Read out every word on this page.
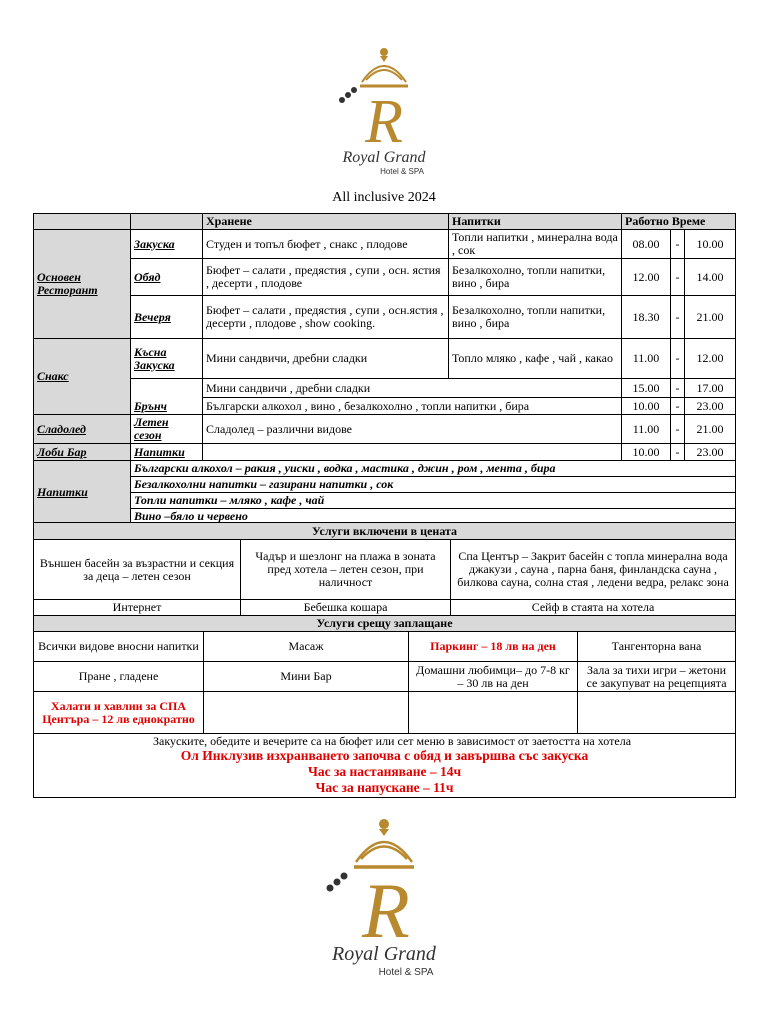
R
Royal Grand
Hotel & SPA
All inclusive 2024
		Хранене	Напитки	Работно Време		
Основен Ресторант	Закуска	Студен и топъл бюфет , снакс , плодове	Топли напитки , минерална вода , сок	08.00	-	10.00
	Обяд	Бюфет – салати , предястия , супи , осн. ястия , десерти , плодове	Безалкохолно, топли напитки, вино , бира	12.00	-	14.00
	Вечеря	Бюфет – салати , предястия , супи , осн.ястия , десерти , плодове , show cooking.	Безалкохолно, топли напитки, вино , бира	18.30	-	21.00
Снакс	Късна Закуска	Мини сандвичи, дребни сладки	Топло мляко , кафе , чай , какао	11.00	-	12.00
	Брънч	Мини сандвичи , дребни сладки		15.00	-	17.00
		Български алкохол , вино , безалкохолно , топли напитки , бира		10.00	-	23.00
Сладолед	Летен сезон	Сладолед – различни видове		11.00	-	21.00
Лоби Бар	Напитки			10.00	-	23.00
Напитки	Български алкохол – ракия , уиски , водка , мастика , джин , ром , мента , бира					
	Безалкохолни напитки – газирани напитки , сок					
	Топли напитки – мляко , кафе , чай					
	Вино –бяло и червено					
Услуги включени в цената					
Външен басейн за възрастни и секция за деца – летен сезон		Чадър и шезлонг на плажа в зоната пред хотела – летен сезон, при наличност		Спа Център – Закрит басейн с топла минерална вода джакузи , сауна , парна баня, финландска сауна , билкова сауна, солна стая , ледени ведра, релакс зона	
Интернет		Бебешка кошара		Сейф в стаята на хотела	
Услуги срещу заплащане					
Всички видове вносни напитки	Масаж		Паркинг – 18 лв на ден		Тангенторна вана
Пране , гладене	Мини Бар		Домашни любимци– до 7-8 кг – 30 лв на ден		Зала за тихи игри – жетони се закупуват на рецепцията
Халати и хавлии за СПА Центъра – 12 лв еднократно					

Закуските, обедите и вечерите са на бюфет или сет меню в зависимост от заетостта на хотела
Ол Инклузив изхранването започва с обяд и завършва със закуска
Час за настаняване – 14ч
Час за напускане – 11ч					
R
Royal Grand
Hotel & SPA
